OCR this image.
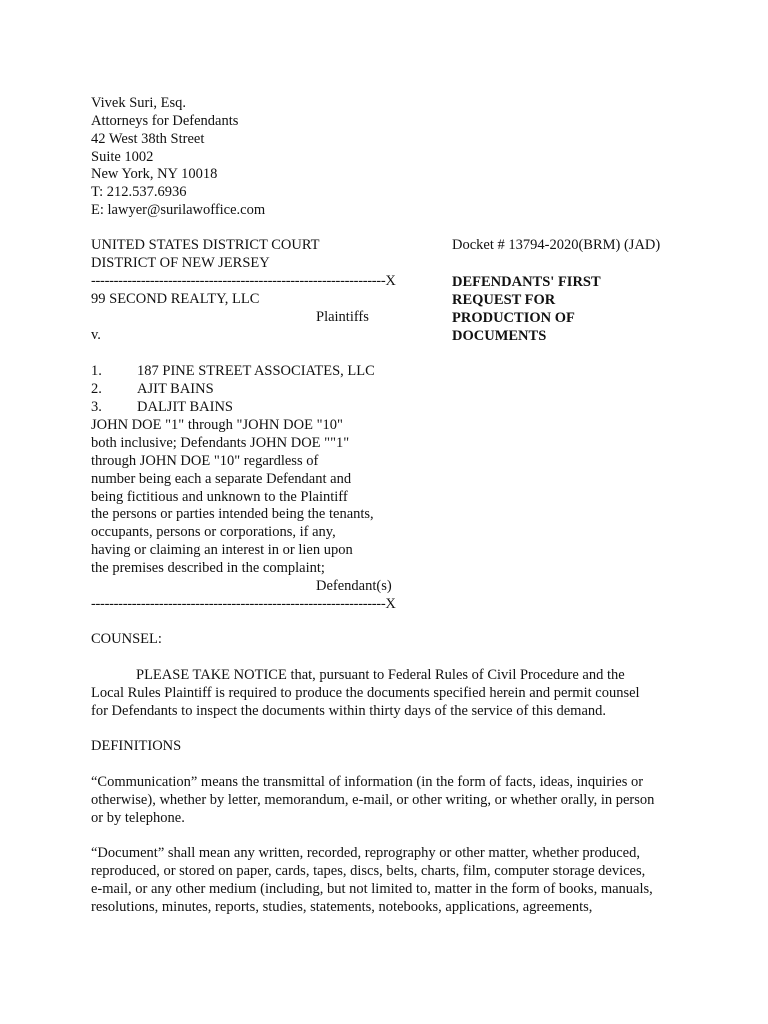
Vivek Suri, Esq.
Attorneys for Defendants
42 West 38th Street
Suite 1002
New York, NY 10018
T: 212.537.6936
E: lawyer@surilawoffice.com
UNITED STATES DISTRICT COURT
DISTRICT OF NEW JERSEY
Docket # 13794-2020(BRM) (JAD)
-----------------------------------------------------------------X
99 SECOND REALTY, LLC
Plaintiffs
v.
1. 187 PINE STREET ASSOCIATES, LLC
2. AJIT BAINS
3. DALJIT BAINS
JOHN DOE "1" through "JOHN DOE "10"
both inclusive; Defendants JOHN DOE ""1"
through JOHN DOE "10" regardless of
number being each a separate Defendant and
being fictitious and unknown to the Plaintiff
the persons or parties intended being the tenants,
occupants, persons or corporations, if any,
having or claiming an interest in or lien upon
the premises described in the complaint;
Defendant(s)
-----------------------------------------------------------------X
DEFENDANTS' FIRST
REQUEST FOR
PRODUCTION OF
DOCUMENTS
COUNSEL:
PLEASE TAKE NOTICE that, pursuant to Federal Rules of Civil Procedure and the
Local Rules Plaintiff is required to produce the documents specified herein and permit counsel
for Defendants to inspect the documents within thirty days of the service of this demand.
DEFINITIONS
“Communication” means the transmittal of information (in the form of facts, ideas, inquiries or
otherwise), whether by letter, memorandum, e-mail, or other writing, or whether orally, in person
or by telephone.
“Document” shall mean any written, recorded, reprography or other matter, whether produced,
reproduced, or stored on paper, cards, tapes, discs, belts, charts, film, computer storage devices,
e-mail, or any other medium (including, but not limited to, matter in the form of books, manuals,
resolutions, minutes, reports, studies, statements, notebooks, applications, agreements,
